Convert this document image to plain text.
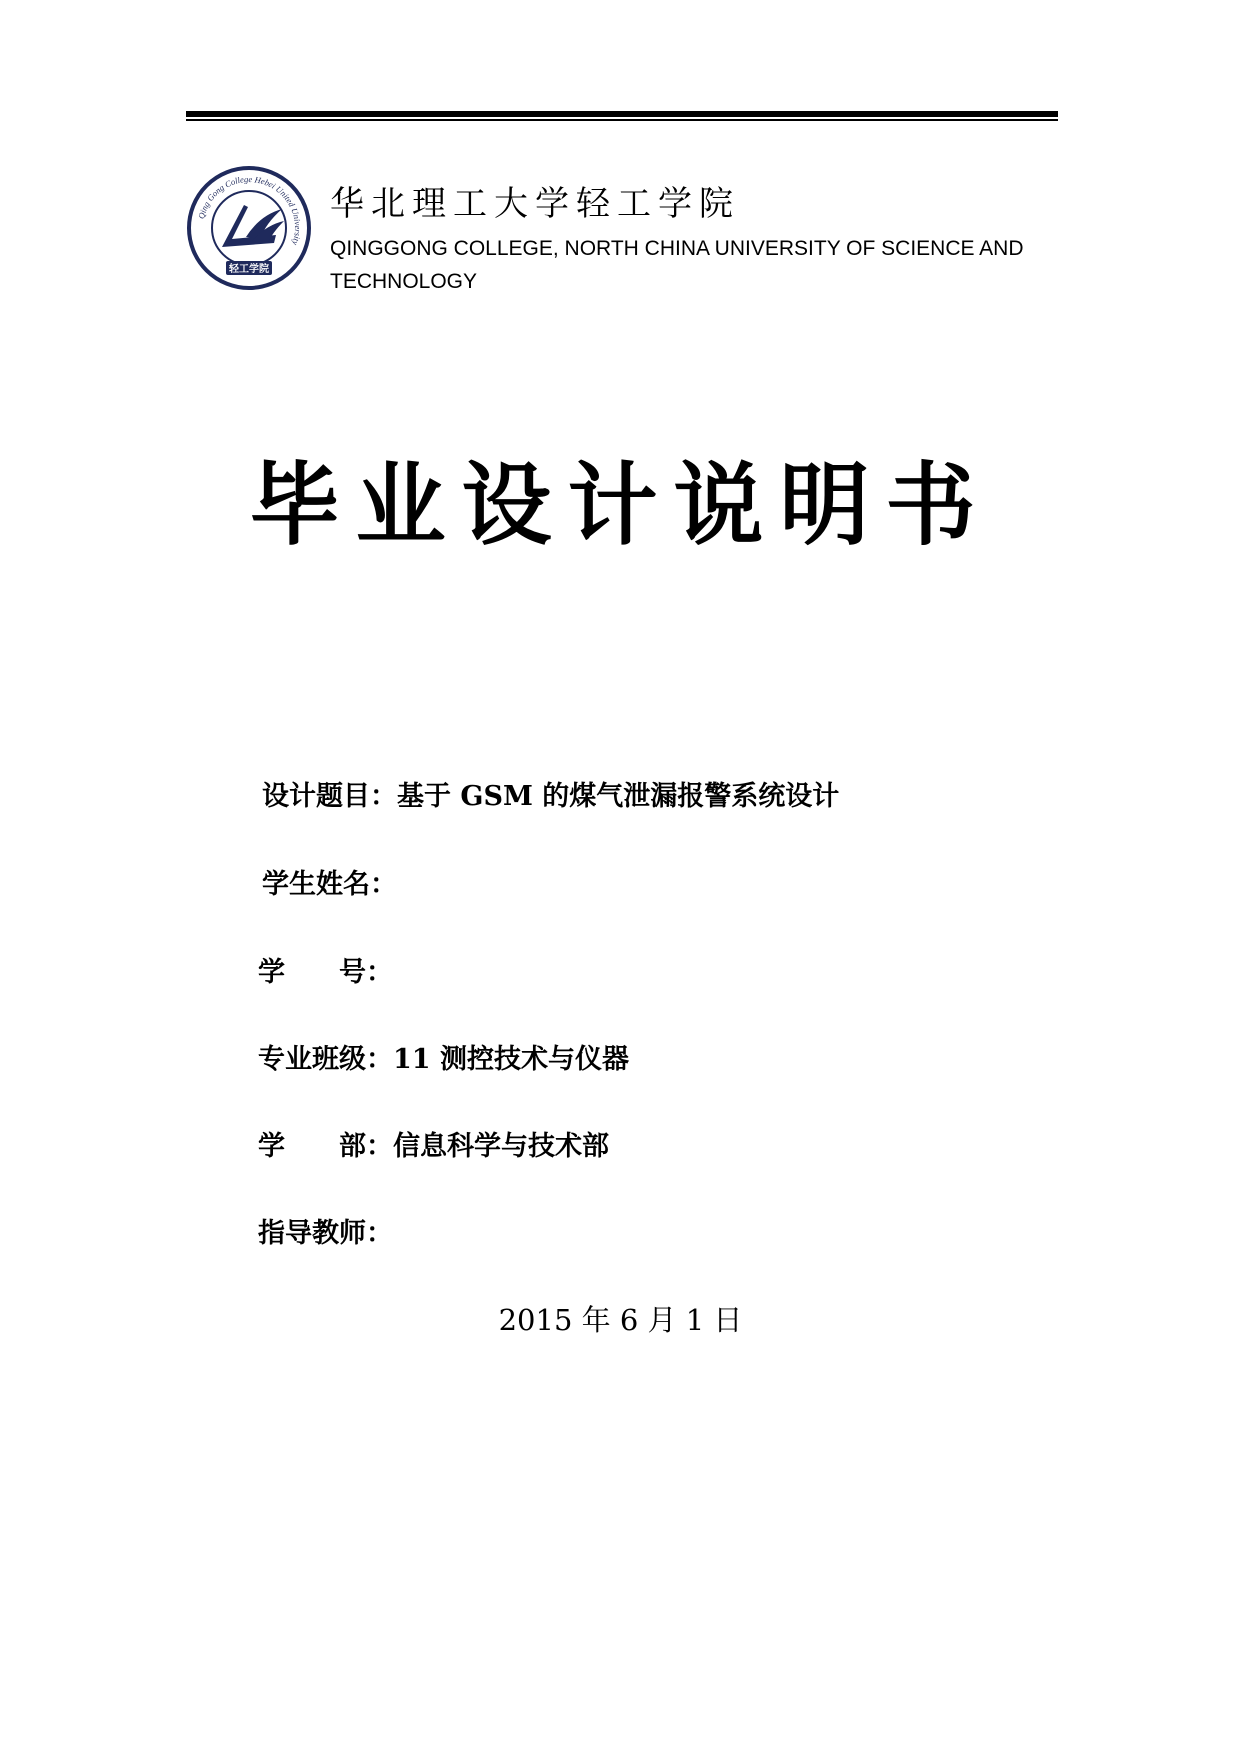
Qing Gong College Hebei United University
轻工学院
华北理工大学轻工学院
QINGGONG COLLEGE, NORTH CHINA UNIVERSITY OF SCIENCE AND TECHNOLOGY
毕业设计说明书
设计题目：基于 GSM 的煤气泄漏报警系统设计
学生姓名：
学　　号：
专业班级：11 测控技术与仪器
学　　部：信息科学与技术部
指导教师：
2015 年 6 月 1 日
